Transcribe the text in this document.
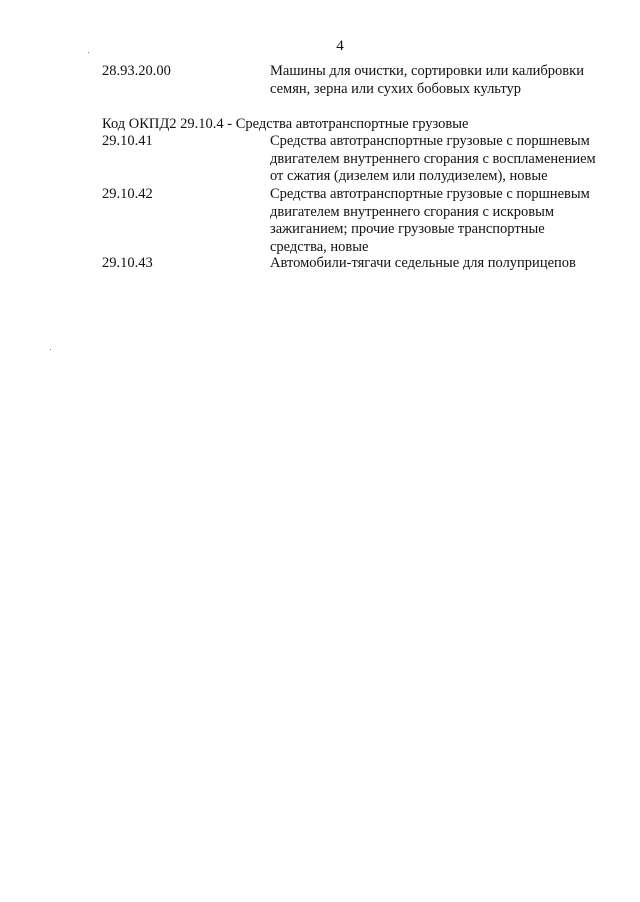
4
28.93.20.00	Машины для очистки, сортировки или калибровки
семян, зерна или сухих бобовых культур
Код ОКПД2 29.10.4 - Средства автотранспортные грузовые
29.10.41	Средства автотранспортные грузовые с поршневым
двигателем внутреннего сгорания с воспламенением
от сжатия (дизелем или полудизелем), новые
29.10.42	Средства автотранспортные грузовые с поршневым
двигателем внутреннего сгорания с искровым
зажиганием; прочие грузовые транспортные
средства, новые
29.10.43	Автомобили-тягачи седельные для полуприцепов
